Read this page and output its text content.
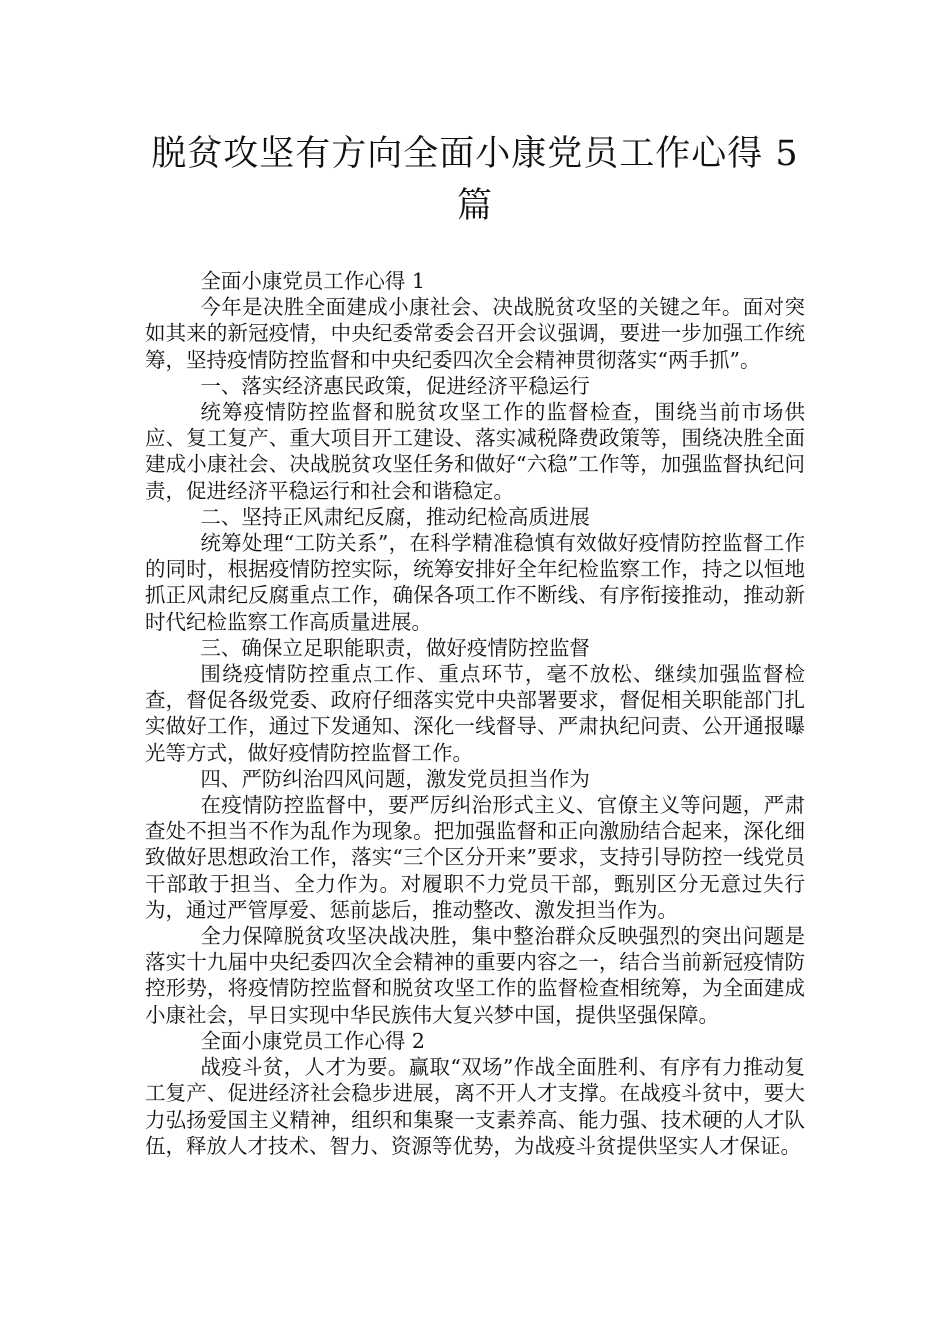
脱贫攻坚有方向全面小康党员工作心得 5 篇

全面小康党员工作心得 1

今年是决胜全面建成小康社会、决战脱贫攻坚的关键之年。面对突如其来的新冠疫情，中央纪委常委会召开会议强调，要进一步加强工作统筹，坚持疫情防控监督和中央纪委四次全会精神贯彻落实“两手抓”。

一、落实经济惠民政策，促进经济平稳运行

统筹疫情防控监督和脱贫攻坚工作的监督检查，围绕当前市场供应、复工复产、重大项目开工建设、落实减税降费政策等，围绕决胜全面建成小康社会、决战脱贫攻坚任务和做好“六稳”工作等，加强监督执纪问责，促进经济平稳运行和社会和谐稳定。

二、坚持正风肃纪反腐，推动纪检高质进展

统筹处理“工防关系”，在科学精准稳慎有效做好疫情防控监督工作的同时，根据疫情防控实际，统筹安排好全年纪检监察工作，持之以恒地抓正风肃纪反腐重点工作，确保各项工作不断线、有序衔接推动，推动新时代纪检监察工作高质量进展。

三、确保立足职能职责，做好疫情防控监督

围绕疫情防控重点工作、重点环节，毫不放松、继续加强监督检查，督促各级党委、政府仔细落实党中央部署要求，督促相关职能部门扎实做好工作，通过下发通知、深化一线督导、严肃执纪问责、公开通报曝光等方式，做好疫情防控监督工作。

四、严防纠治四风问题，激发党员担当作为

在疫情防控监督中，要严厉纠治形式主义、官僚主义等问题，严肃查处不担当不作为乱作为现象。把加强监督和正向激励结合起来，深化细致做好思想政治工作，落实“三个区分开来”要求，支持引导防控一线党员干部敢于担当、全力作为。对履职不力党员干部，甄别区分无意过失行为，通过严管厚爱、惩前毖后，推动整改、激发担当作为。

全力保障脱贫攻坚决战决胜，集中整治群众反映强烈的突出问题是落实十九届中央纪委四次全会精神的重要内容之一，结合当前新冠疫情防控形势，将疫情防控监督和脱贫攻坚工作的监督检查相统筹，为全面建成小康社会，早日实现中华民族伟大复兴梦中国，提供坚强保障。

全面小康党员工作心得 2

战疫斗贫，人才为要。赢取“双场”作战全面胜利、有序有力推动复工复产、促进经济社会稳步进展，离不开人才支撑。在战疫斗贫中，要大力弘扬爱国主义精神，组织和集聚一支素养高、能力强、技术硬的人才队伍，释放人才技术、智力、资源等优势，为战疫斗贫提供坚实人才保证。
